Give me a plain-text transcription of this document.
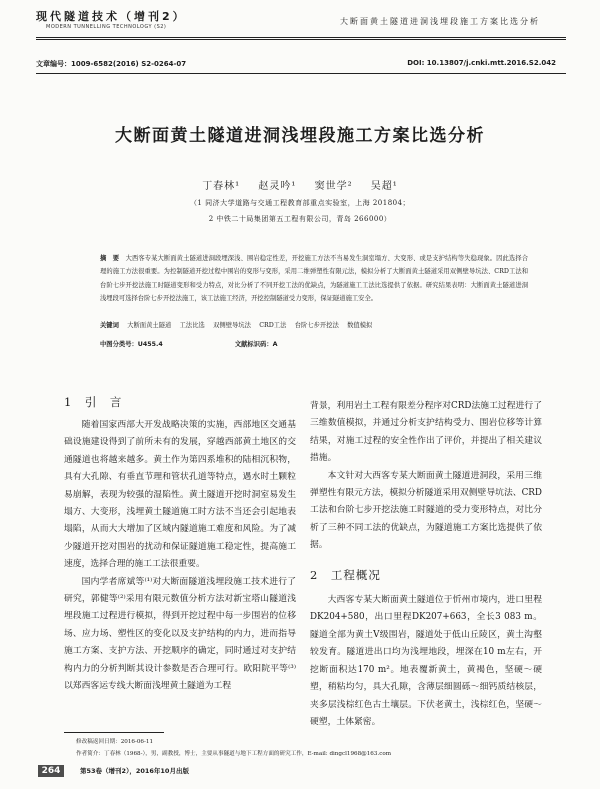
现代隧道技术（增刊2）
MODERN TUNNELLING TECHNOLOGY (S2)
大断面黄土隧道进洞浅埋段施工方案比选分析
文章编号：1009-6582(2016) S2-0264-07	DOI: 10.13807/j.cnki.mtt.2016.S2.042
大断面黄土隧道进洞浅埋段施工方案比选分析
丁春林¹ 赵灵吟¹ 窦世学² 吴超¹
（1 同济大学道路与交通工程教育部重点实验室，上海 201804；
2 中铁二十局集团第五工程有限公司，青岛 266000）
摘　要　 大西客专某大断面黄土隧道进洞段埋深浅、围岩稳定性差，开挖施工方法不当易发生洞室塌方、大变形、或是支护结构等失稳现象。因此选择合理的施工方法很重要。为控制隧道开挖过程中围岩的变形与变形，采用二维弹塑性有限元法，模拟分析了大断面黄土隧道采用双侧壁导坑法、CRD工法和台阶七步开挖法施工时隧道变形和受力特点，对比分析了不同开挖工法的优缺点，为隧道施工工法比选提供了依据。研究结果表明：大断面黄土隧道进洞浅埋段可选择台阶七步开挖法施工，该工法施工经济，开挖控制隧道受力变形，保证隧道施工安全。
关键词　 大断面黄土隧道　 工法比选　 双侧壁导坑法　 CRD工法　 台阶七步开挖法　 数值模拟
中图分类号：U455.4	文献标识码：A
1　引　言

随着国家西部大开发战略决策的实施，西部地区交通基础设施建设得到了前所未有的发展，穿越西部黄土地区的交通隧道也将越来越多。黄土作为第四系堆积的陆相沉积物，具有大孔隙、有垂直节理和管状孔道等特点，遇水时土颗粒易崩解，表现为较强的湿陷性。黄土隧道开挖时洞室易发生塌方、大变形，浅埋黄土隧道施工时方法不当还会引起地表塌陷，从而大大增加了区域内隧道施工难度和风险。为了减少隧道开挖对围岩的扰动和保证隧道施工稳定性，提高施工速度，选择合理的施工工法很重要。

国内学者席斌等⁽¹⁾对大断面隧道浅埋段施工技术进行了研究，郭健等⁽²⁾采用有限元数值分析方法对新宝塔山隧道浅埋段施工过程进行模拟，得到开挖过程中每一步围岩的位移场、应力场、塑性区的变化以及支护结构的内力，进而指导施工方案、支护方法、开挖顺序的确定，同时通过对支护结构内力的分析判断其设计参数是否合理可行。欧阳院平等⁽³⁾以郑西客运专线大断面浅埋黄土隧道为工程

背景，利用岩土工程有限差分程序对CRD法施工过程进行了三维数值模拟，并通过分析支护结构受力、围岩位移等计算结果，对施工过程的安全性作出了评价，并提出了相关建议措施。

本文针对大西客专某大断面黄土隧道进洞段，采用三维弹塑性有限元方法，模拟分析隧道采用双侧壁导坑法、CRD工法和台阶七步开挖法施工时隧道的受力变形特点，对比分析了三种不同工法的优缺点，为隧道施工方案比选提供了依据。

2　工程概况

大西客专某大断面黄土隧道位于忻州市境内，进口里程DK204+580，出口里程DK207+663，全长3 083 m。隧道全部为黄土Ⅴ级围岩，隧道处于低山丘陵区，黄土沟壑较发育。隧道进出口均为浅埋地段，埋深在10 m左右，开挖断面积达170 m²。地表覆新黄土，黄褐色，坚硬～硬塑，稍粘均匀，具大孔隙，含薄层细圆砾～细钙质结核层，夹多层浅棕红色古土壤层。下伏老黄土，浅棕红色，坚硬～硬塑，土体紧密。

修改稿返回日期：2016-06-11
作者简介：丁春林（1968-），男，副教授，博士，主要从事隧道与地下工程方面的研究工作，E-mail: dingcl1968@163.com
264	第53卷（增刊2），2016年10月出版
